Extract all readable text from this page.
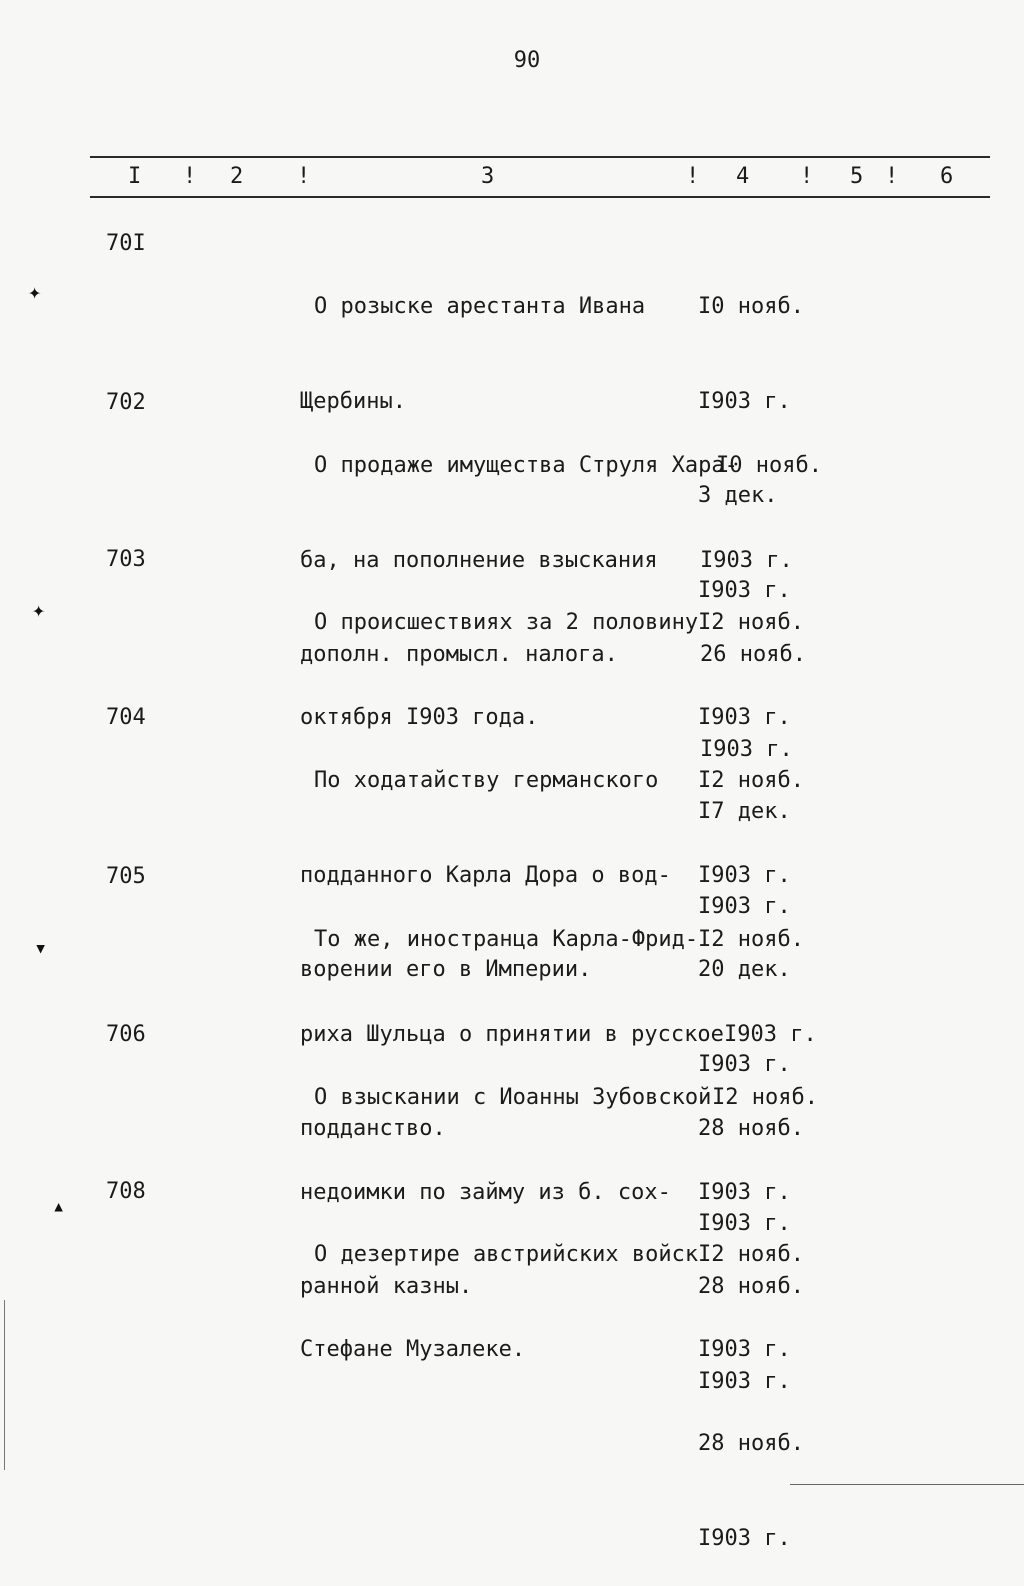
90
I ! 2 !	3	! 4 ! 5 ! 6
70I

О розыске арестанта Ивана

Щербины.

I0 нояб.

I903 г.

3 дек.

I903 г.

702

О продаже имущества Струля Хара-

ба, на пополнение взыскания

дополн. промысл. налога.

I0 нояб.

I903 г.

26 нояб.

I903 г.

703

О происшествиях за 2 половину

октября I903 года.

I2 нояб.

I903 г.

I7 дек.

I903 г.

704

По ходатайству германского

подданного Карла Дора о вод-

ворении его в Империи.

I2 нояб.

I903 г.

20 дек.

I903 г.

705

То же, иностранца Карла-Фрид-

риха Шульца о принятии в русское

подданство.

I2 нояб.

I903 г.

28 нояб.

I903 г.

706

О взыскании с Иоанны Зубовской

недоимки по займу из б. сох-

ранной казны.

I2 нояб.

I903 г.

28 нояб.

I903 г.

708

О дезертире австрийских войск

Стефане Музалеке.

I2 нояб.

I903 г.

28 нояб.

I903 г.

✦
✦
▾
▴
